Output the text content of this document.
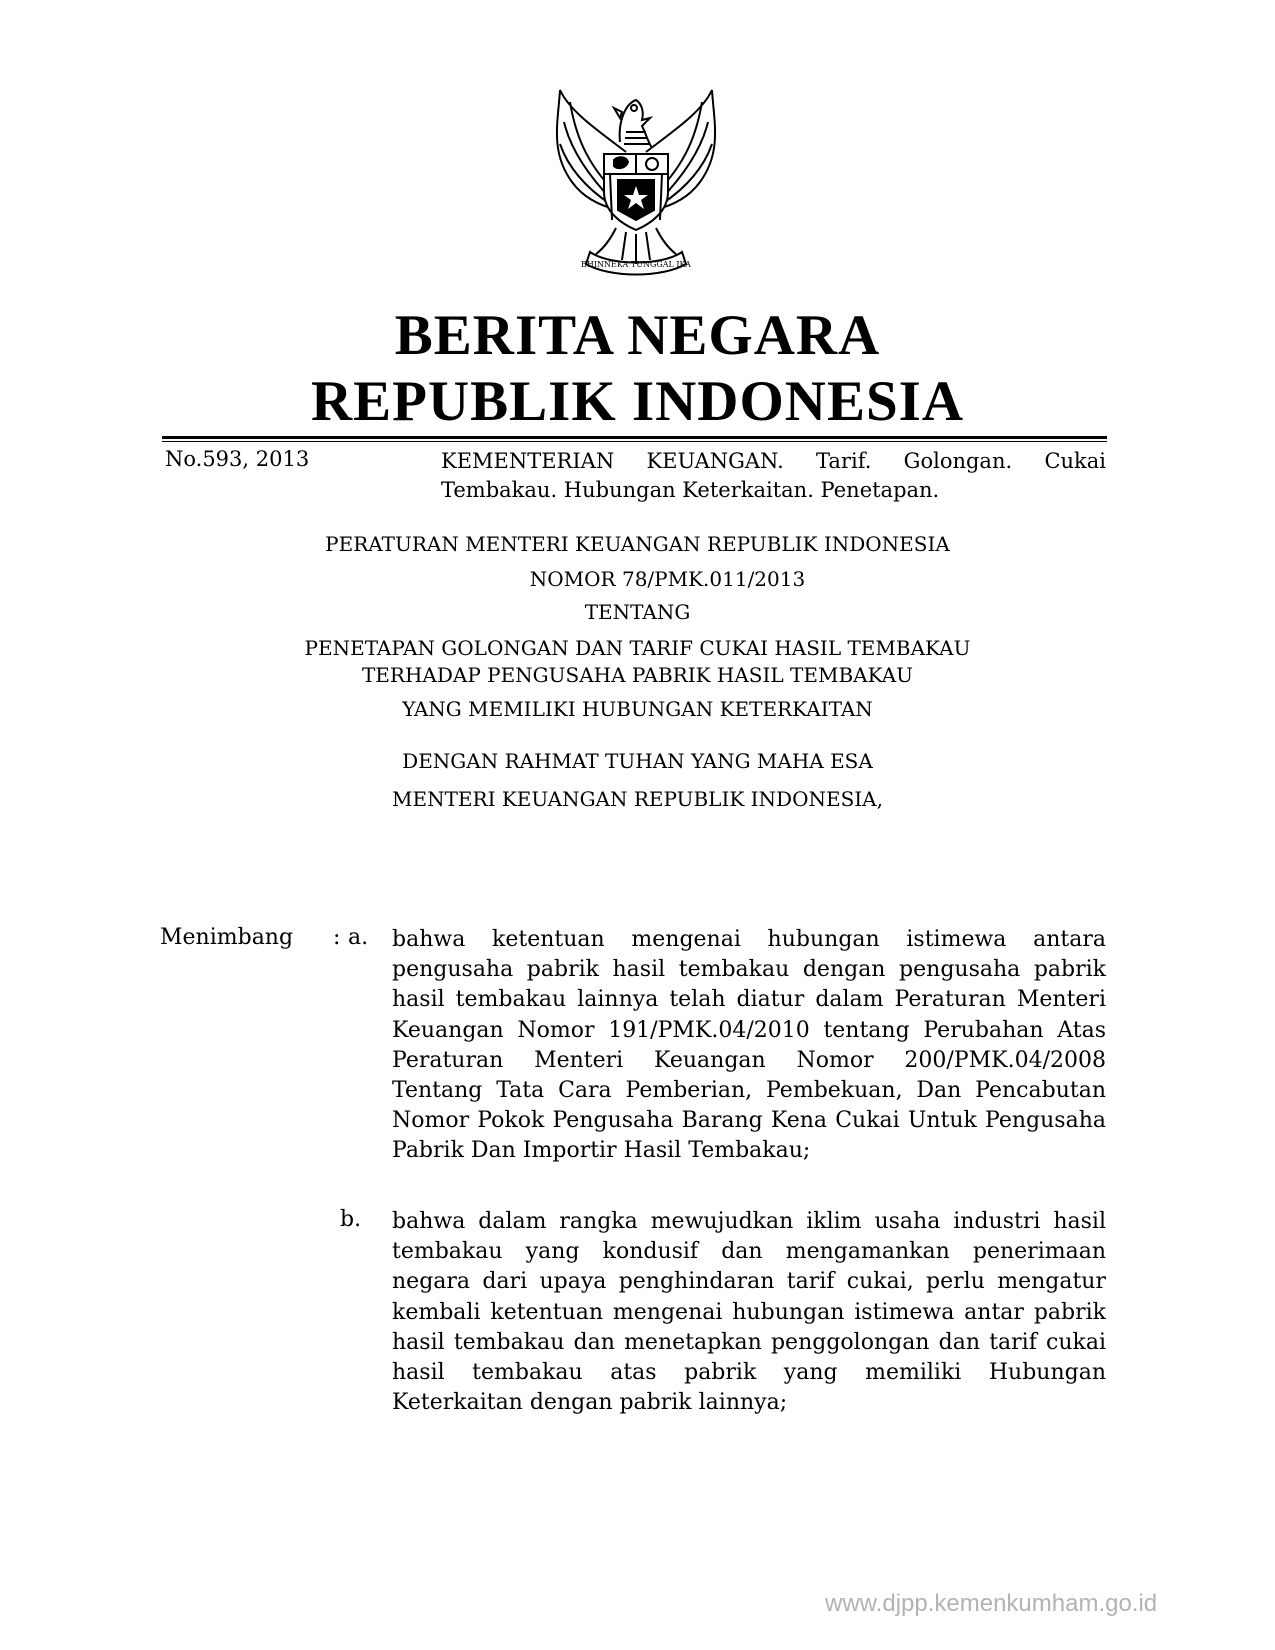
BHINNEKA TUNGGAL IKA
BERITA NEGARA
REPUBLIK INDONESIA
No.593, 2013	KEMENTERIAN KEUANGAN. Tarif. Golongan. Cukai
Tembakau. Hubungan Keterkaitan. Penetapan.
PERATURAN MENTERI KEUANGAN REPUBLIK INDONESIA
NOMOR 78/PMK.011/2013
TENTANG
PENETAPAN GOLONGAN DAN TARIF CUKAI HASIL TEMBAKAU
TERHADAP PENGUSAHA PABRIK HASIL TEMBAKAU
YANG MEMILIKI HUBUNGAN KETERKAITAN
DENGAN RAHMAT TUHAN YANG MAHA ESA
MENTERI KEUANGAN REPUBLIK INDONESIA,
Menimbang : a. bahwa ketentuan mengenai hubungan istimewa antara pengusaha pabrik hasil tembakau dengan pengusaha pabrik hasil tembakau lainnya telah diatur dalam Peraturan Menteri Keuangan Nomor 191/PMK.04/2010 tentang Perubahan Atas Peraturan Menteri Keuangan Nomor 200/PMK.04/2008 Tentang Tata Cara Pemberian, Pembekuan, Dan Pencabutan Nomor Pokok Pengusaha Barang Kena Cukai Untuk Pengusaha Pabrik Dan Importir Hasil Tembakau;
b. bahwa dalam rangka mewujudkan iklim usaha industri hasil tembakau yang kondusif dan mengamankan penerimaan negara dari upaya penghindaran tarif cukai, perlu mengatur kembali ketentuan mengenai hubungan istimewa antar pabrik hasil tembakau dan menetapkan penggolongan dan tarif cukai hasil tembakau atas pabrik yang memiliki Hubungan Keterkaitan dengan pabrik lainnya;
www.djpp.kemenkumham.go.id
